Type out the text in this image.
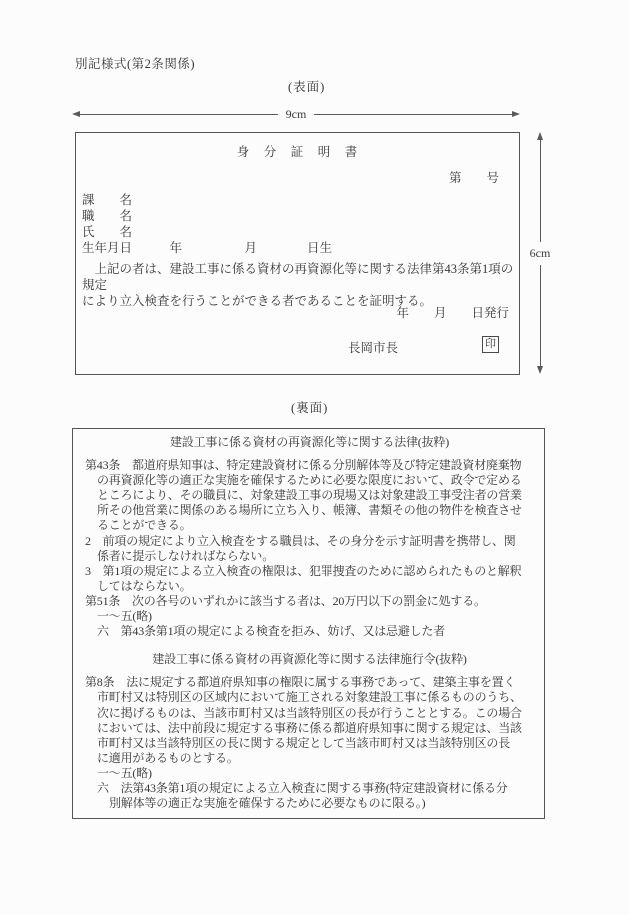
別記様式(第2条関係)
(表面)
9cm
身　分　証　明　書
第　　号
課　　名
職　　名
氏　　名
生年月日　　　年　　　　　月　　　　日生
　上記の者は、建設工事に係る資材の再資源化等に関する法律第43条第1項の規定
により立入検査を行うことができる者であることを証明する。
年　　月　　日発行
長岡市長	印
6cm
(裏面)
建設工事に係る資材の再資源化等に関する法律(抜粋)
第43条　都道府県知事は、特定建設資材に係る分別解体等及び特定建設資材廃棄物
の再資源化等の適正な実施を確保するために必要な限度において、政令で定める
ところにより、その職員に、対象建設工事の現場又は対象建設工事受注者の営業
所その他営業に関係のある場所に立ち入り、帳簿、書類その他の物件を検査させ
ることができる。
2　前項の規定により立入検査をする職員は、その身分を示す証明書を携帯し、関
係者に提示しなければならない。
3　第1項の規定による立入検査の権限は、犯罪捜査のために認められたものと解釈
してはならない。
第51条　次の各号のいずれかに該当する者は、20万円以下の罰金に処する。
一～五(略)
六　第43条第1項の規定による検査を拒み、妨げ、又は忌避した者
建設工事に係る資材の再資源化等に関する法律施行令(抜粋)
第8条　法に規定する都道府県知事の権限に属する事務であって、建築主事を置く
市町村又は特別区の区域内において施工される対象建設工事に係るもののうち、
次に掲げるものは、当該市町村又は当該特別区の長が行うこととする。この場合
においては、法中前段に規定する事務に係る都道府県知事に関する規定は、当該
市町村又は当該特別区の長に関する規定として当該市町村又は当該特別区の長
に適用があるものとする。
一～五(略)
六　法第43条第1項の規定による立入検査に関する事務(特定建設資材に係る分
別解体等の適正な実施を確保するために必要なものに限る。)
